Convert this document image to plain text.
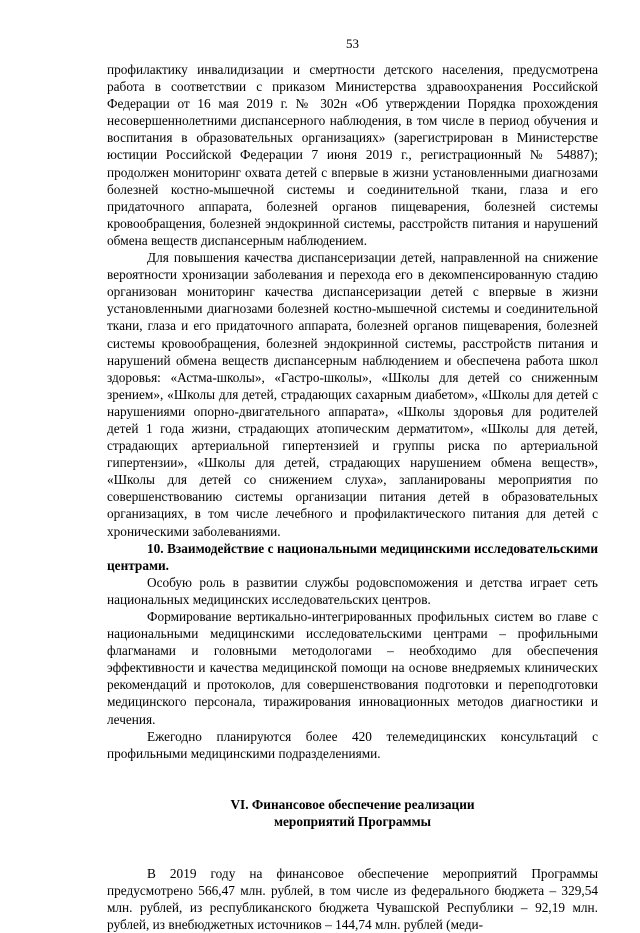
53

профилактику инвалидизации и смертности детского населения, предусмотрена работа в соответствии с приказом Министерства здравоохранения Российской Федерации от 16 мая 2019 г. № 302н «Об утверждении Порядка прохождения несовершеннолетними диспансерного наблюдения, в том числе в период обучения и воспитания в образовательных организациях» (зарегистрирован в Министерстве юстиции Российской Федерации 7 июня 2019 г., регистрационный № 54887); продолжен мониторинг охвата детей с впервые в жизни установленными диагнозами болезней костно-мышечной системы и соединительной ткани, глаза и его придаточного аппарата, болезней органов пищеварения, болезней системы кровообращения, болезней эндокринной системы, расстройств питания и нарушений обмена веществ диспансерным наблюдением.

Для повышения качества диспансеризации детей, направленной на снижение вероятности хронизации заболевания и перехода его в декомпенсированную стадию организован мониторинг качества диспансеризации детей с впервые в жизни установленными диагнозами болезней костно-мышечной системы и соединительной ткани, глаза и его придаточного аппарата, болезней органов пищеварения, болезней системы кровообращения, болезней эндокринной системы, расстройств питания и нарушений обмена веществ диспансерным наблюдением и обеспечена работа школ здоровья: «Астма-школы», «Гастро-школы», «Школы для детей со сниженным зрением», «Школы для детей, страдающих сахарным диабетом», «Школы для детей с нарушениями опорно-двигательного аппарата», «Школы здоровья для родителей детей 1 года жизни, страдающих атопическим дерматитом», «Школы для детей, страдающих артериальной гипертензией и группы риска по артериальной гипертензии», «Школы для детей, страдающих нарушением обмена веществ», «Школы для детей со снижением слуха», запланированы мероприятия по совершенствованию системы организации питания детей в образовательных организациях, в том числе лечебного и профилактического питания для детей с хроническими заболеваниями.

10. Взаимодействие с национальными медицинскими исследовательскими центрами.

Особую роль в развитии службы родовспоможения и детства играет сеть национальных медицинских исследовательских центров.

Формирование вертикально-интегрированных профильных систем во главе с национальными медицинскими исследовательскими центрами – профильными флагманами и головными методологами – необходимо для обеспечения эффективности и качества медицинской помощи на основе внедряемых клинических рекомендаций и протоколов, для совершенствования подготовки и переподготовки медицинского персонала, тиражирования инновационных методов диагностики и лечения.

Ежегодно планируются более 420 телемедицинских консультаций с профильными медицинскими подразделениями.

VI. Финансовое обеспечение реализации
мероприятий Программы

В 2019 году на финансовое обеспечение мероприятий Программы предусмотрено 566,47 млн. рублей, в том числе из федерального бюджета – 329,54 млн. рублей, из республиканского бюджета Чувашской Республики – 92,19 млн. рублей, из внебюджетных источников – 144,74 млн. рублей (меди-
